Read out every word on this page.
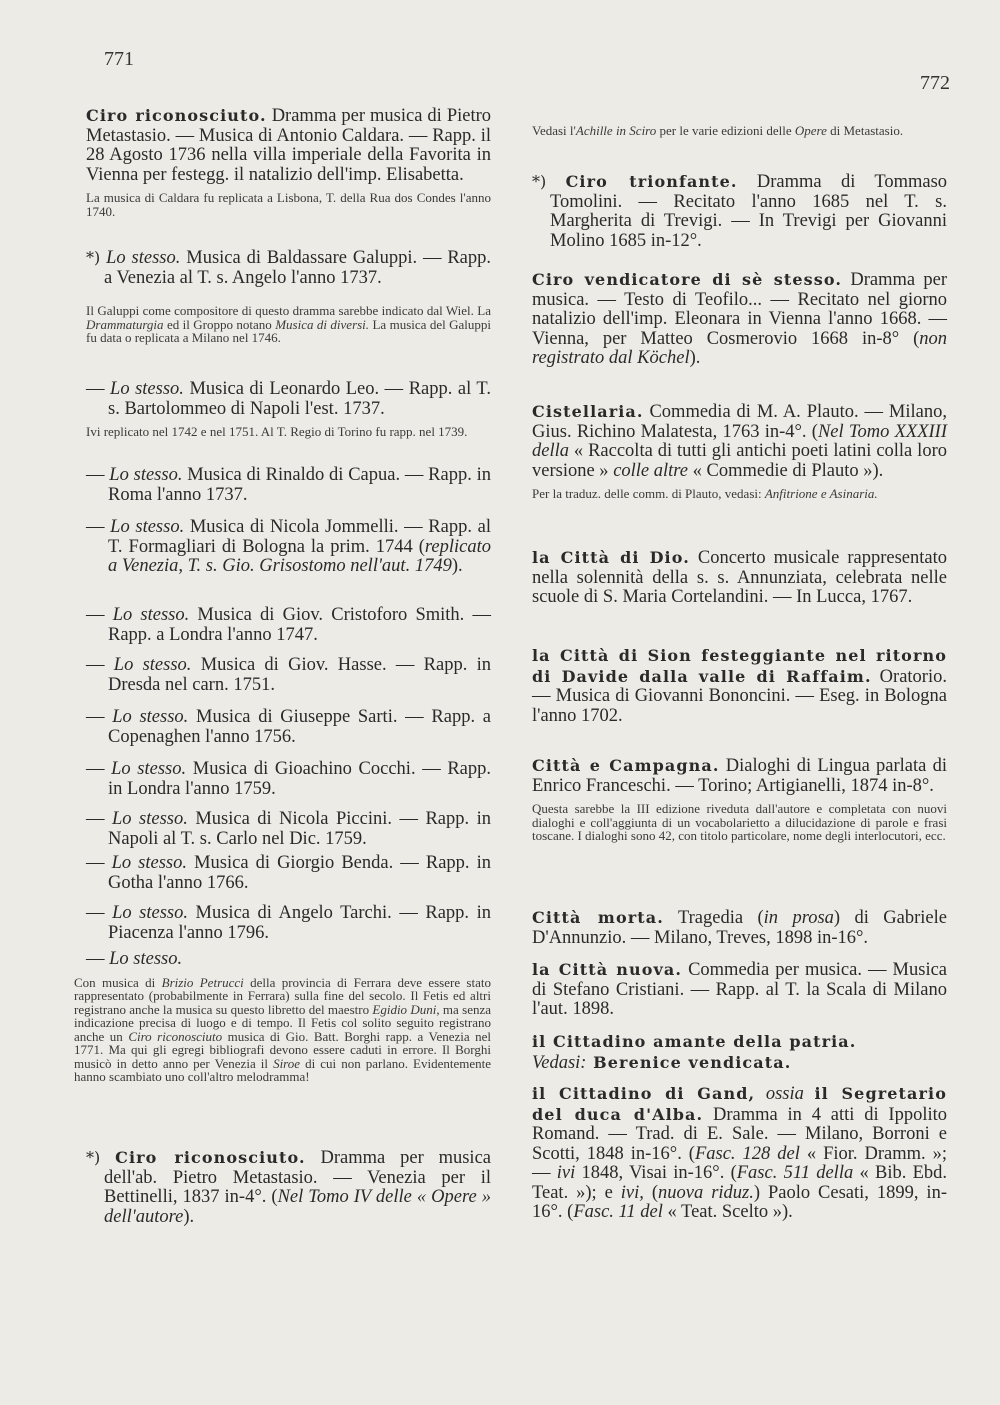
771
772

Ciro riconosciuto. Dramma per musica di Pietro Metastasio. — Musica di Antonio Caldara. — Rapp. il 28 Agosto 1736 nella villa imperiale della Favorita in Vienna per festegg. il natalizio dell'imp. Elisabetta.

La musica di Caldara fu replicata a Lisbona, T. della Rua dos Condes l'anno 1740.

*) Lo stesso. Musica di Baldassare Galuppi. — Rapp. a Venezia al T. s. Angelo l'anno 1737.

Il Galuppi come compositore di questo dramma sarebbe indicato dal Wiel. La Drammaturgia ed il Groppo notano Musica di diversi. La musica del Galuppi fu data o replicata a Milano nel 1746.

— Lo stesso. Musica di Leonardo Leo. — Rapp. al T. s. Bartolommeo di Napoli l'est. 1737.

Ivi replicato nel 1742 e nel 1751. Al T. Regio di Torino fu rapp. nel 1739.

— Lo stesso. Musica di Rinaldo di Capua. — Rapp. in Roma l'anno 1737.

— Lo stesso. Musica di Nicola Jommelli. — Rapp. al T. Formagliari di Bologna la prim. 1744 (replicato a Venezia, T. s. Gio. Grisostomo nell'aut. 1749).

— Lo stesso. Musica di Giov. Cristoforo Smith. — Rapp. a Londra l'anno 1747.

— Lo stesso. Musica di Giov. Hasse. — Rapp. in Dresda nel carn. 1751.

— Lo stesso. Musica di Giuseppe Sarti. — Rapp. a Copenaghen l'anno 1756.

— Lo stesso. Musica di Gioachino Cocchi. — Rapp. in Londra l'anno 1759.

— Lo stesso. Musica di Nicola Piccini. — Rapp. in Napoli al T. s. Carlo nel Dic. 1759.

— Lo stesso. Musica di Giorgio Benda. — Rapp. in Gotha l'anno 1766.

— Lo stesso. Musica di Angelo Tarchi. — Rapp. in Piacenza l'anno 1796.

— Lo stesso.

Con musica di Brizio Petrucci della provincia di Ferrara deve essere stato rappresentato (probabilmente in Ferrara) sulla fine del secolo. Il Fetis ed altri registrano anche la musica su questo libretto del maestro Egidio Duni, ma senza indicazione precisa di luogo e di tempo. Il Fetis col solito seguito registrano anche un Ciro riconosciuto musica di Gio. Batt. Borghi rapp. a Venezia nel 1771. Ma qui gli egregi bibliografi devono essere caduti in errore. Il Borghi musicò in detto anno per Venezia il Siroe di cui non parlano. Evidentemente hanno scambiato uno coll'altro melodramma!

*) Ciro riconosciuto. Dramma per musica dell'ab. Pietro Metastasio. — Venezia per il Bettinelli, 1837 in-4°. (Nel Tomo IV delle « Opere » dell'autore).

Vedasi l'Achille in Sciro per le varie edizioni delle Opere di Metastasio.

*) Ciro trionfante. Dramma di Tommaso Tomolini. — Recitato l'anno 1685 nel T. s. Margherita di Trevigi. — In Trevigi per Giovanni Molino 1685 in-12°.

Ciro vendicatore di sè stesso. Dramma per musica. — Testo di Teofilo... — Recitato nel giorno natalizio dell'imp. Eleonara in Vienna l'anno 1668. — Vienna, per Matteo Cosmerovio 1668 in-8° (non registrato dal Köchel).

Cistellaria. Commedia di M. A. Plauto. — Milano, Gius. Richino Malatesta, 1763 in-4°. (Nel Tomo XXXIII della « Raccolta di tutti gli antichi poeti latini colla loro versione » colle altre « Commedie di Plauto »).

Per la traduz. delle comm. di Plauto, vedasi: Anfitrione e Asinaria.

la Città di Dio. Concerto musicale rappresentato nella solennità della s. s. Annunziata, celebrata nelle scuole di S. Maria Cortelandini. — In Lucca, 1767.

la Città di Sion festeggiante nel ritorno di Davide dalla valle di Raffaim. Oratorio. — Musica di Giovanni Bononcini. — Eseg. in Bologna l'anno 1702.

Città e Campagna. Dialoghi di Lingua parlata di Enrico Franceschi. — Torino; Artigianelli, 1874 in-8°.

Questa sarebbe la III edizione riveduta dall'autore e completata con nuovi dialoghi e coll'aggiunta di un vocabolarietto a dilucidazione di parole e frasi toscane. I dialoghi sono 42, con titolo particolare, nome degli interlocutori, ecc.

Città morta. Tragedia (in prosa) di Gabriele D'Annunzio. — Milano, Treves, 1898 in-16°.

la Città nuova. Commedia per musica. — Musica di Stefano Cristiani. — Rapp. al T. la Scala di Milano l'aut. 1898.

il Cittadino amante della patria.
Vedasi: Berenice vendicata.

il Cittadino di Gand, ossia il Segretario del duca d'Alba. Dramma in 4 atti di Ippolito Romand. — Trad. di E. Sale. — Milano, Borroni e Scotti, 1848 in-16°. (Fasc. 128 del « Fior. Dramm. »; — ivi 1848, Visai in-16°. (Fasc. 511 della « Bib. Ebd. Teat. »); e ivi, (nuova riduz.) Paolo Cesati, 1899, in-16°. (Fasc. 11 del « Teat. Scelto »).
